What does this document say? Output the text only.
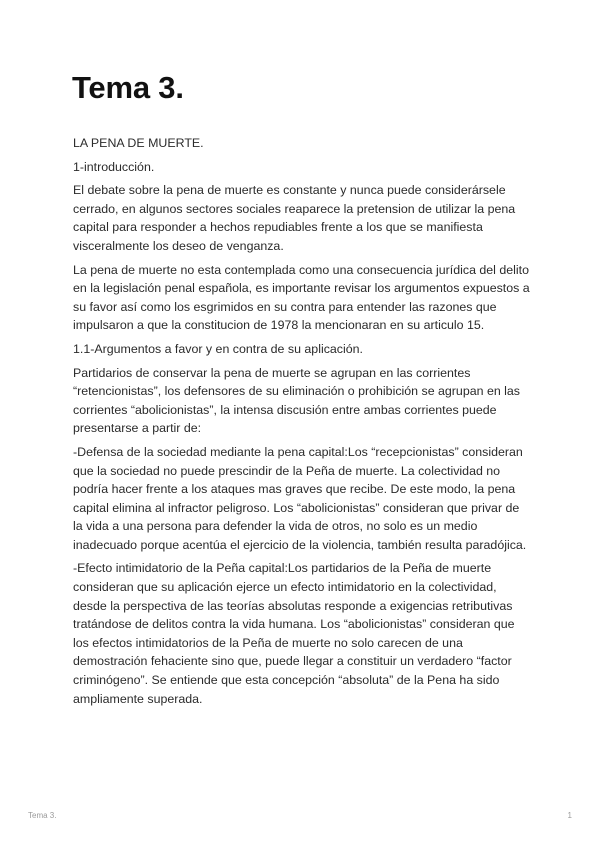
Tema 3.

LA PENA DE MUERTE.

1-introducción.

El debate sobre la pena de muerte es constante y nunca puede considerársele cerrado, en algunos sectores sociales reaparece la pretension de utilizar la pena capital para responder a hechos repudiables frente a los que se manifiesta visceralmente los deseo de venganza.

La pena de muerte no esta contemplada como una consecuencia jurídica del delito en la legislación penal española, es importante revisar los argumentos expuestos a su favor así como los esgrimidos en su contra para entender las razones que impulsaron a que la constitucion de 1978 la mencionaran en su articulo 15.

1.1-Argumentos a favor y en contra de su aplicación.

Partidarios de conservar la pena de muerte se agrupan en las corrientes “retencionistas”, los defensores de su eliminación o prohibición se agrupan en las corrientes “abolicionistas”, la intensa discusión entre ambas corrientes puede presentarse a partir de:

-Defensa de la sociedad mediante la pena capital:Los “recepcionistas” consideran que la sociedad no puede prescindir de la Peña de muerte. La colectividad no podría hacer frente a los ataques mas graves que recibe. De este modo, la pena capital elimina al infractor peligroso. Los “abolicionistas” consideran que privar de la vida a una persona para defender la vida de otros, no solo es un medio inadecuado porque acentúa el ejercicio de la violencia, también resulta paradójica.

-Efecto intimidatorio de la Peña capital:Los partidarios de la Peña de muerte consideran que su aplicación ejerce un efecto intimidatorio en la colectividad, desde la perspectiva de las teorías absolutas responde a exigencias retributivas tratándose de delitos contra la vida humana. Los “abolicionistas” consideran que los efectos intimidatorios de la Peña de muerte no solo carecen de una demostración fehaciente sino que, puede llegar a constituir un verdadero “factor criminógeno”. Se entiende que esta concepción “absoluta” de la Pena ha sido ampliamente superada.

Tema 3.	1
